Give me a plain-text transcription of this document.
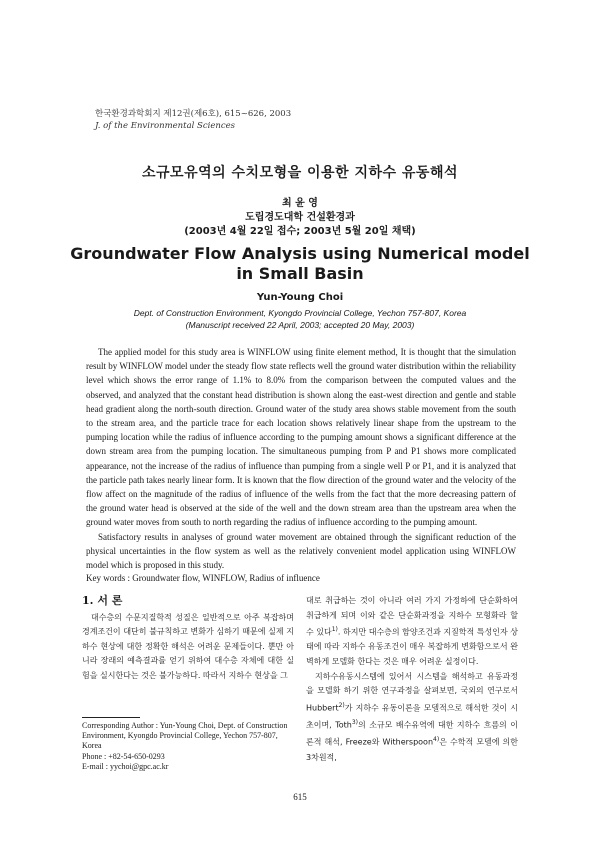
한국환경과학회지 제12권(제6호), 615~626, 2003
J. of the Environmental Sciences
소규모유역의 수치모형을 이용한 지하수 유동해석
최 윤 영
도립경도대학 건설환경과
(2003년 4월 22일 접수; 2003년 5월 20일 채택)
Groundwater Flow Analysis using Numerical model in Small Basin
Yun-Young Choi
Dept. of Construction Environment, Kyongdo Provincial College, Yechon 757-807, Korea
(Manuscript received 22 April, 2003; accepted 20 May, 2003)

The applied model for this study area is WINFLOW using finite element method, It is thought that the simulation result by WINFLOW model under the steady flow state reflects well the ground water distribution within the reliability level which shows the error range of 1.1% to 8.0% from the comparison between the computed values and the observed, and analyzed that the constant head distribution is shown along the east-west direction and gentle and stable head gradient along the north-south direction. Ground water of the study area shows stable movement from the south to the stream area, and the particle trace for each location shows relatively linear shape from the upstream to the pumping location while the radius of influence according to the pumping amount shows a significant difference at the down stream area from the pumping location. The simultaneous pumping from P and P1 shows more complicated appearance, not the increase of the radius of influence than pumping from a single well P or P1, and it is analyzed that the particle path takes nearly linear form. It is known that the flow direction of the ground water and the velocity of the flow affect on the magnitude of the radius of influence of the wells from the fact that the more decreasing pattern of the ground water head is observed at the side of the well and the down stream area than the upstream area when the ground water moves from south to north regarding the radius of influence according to the pumping amount.

Satisfactory results in analyses of ground water movement are obtained through the significant reduction of the physical uncertainties in the flow system as well as the relatively convenient model application using WINFLOW model which is proposed in this study.

Key words : Groundwater flow, WINFLOW, Radius of influence
1. 서 론

대수층의 수문지질학적 성질은 일반적으로 아주 복잡하며 경계조건이 대단히 불규칙하고 변화가 심하기 때문에 실제 지하수 현상에 대한 정확한 해석은 어려운 문제들이다. 뿐만 아니라 장래의 예측결과를 얻기 위하여 대수층 자체에 대한 실험을 실시한다는 것은 불가능하다. 따라서 지하수 현상을 그

대로 취급하는 것이 아니라 여러 가지 가정하에 단순화하여 취급하게 되며 이와 같은 단순화과정을 지하수 모형화라 할 수 있다$^{1)}$. 하지만 대수층의 함양조건과 지질학적 특성인자 상태에 따라 지하수 유동조건이 매우 복잡하게 변화함으로서 완벽하게 모델화 한다는 것은 매우 어려운 실정이다.

지하수유동시스템에 있어서 시스템을 해석하고 유동과정을 모델화 하기 위한 연구과정을 살펴보면, 국외의 연구로서 Hubbert$^{2)}$가 지하수 유동이론을 모델적으로 해석한 것이 시초이며, Toth$^{3)}$의 소규모 배수유역에 대한 지하수 흐름의 이론적 해석, Freeze와 Witherspoon$^{4)}$은 수학적 모델에 의한 3차원적,

Corresponding Author : Yun-Young Choi, Dept. of Construction Environment, Kyongdo Provincial College, Yechon 757-807, Korea
Phone : +82-54-650-0293
E-mail : yychoi@gpc.ac.kr
615
